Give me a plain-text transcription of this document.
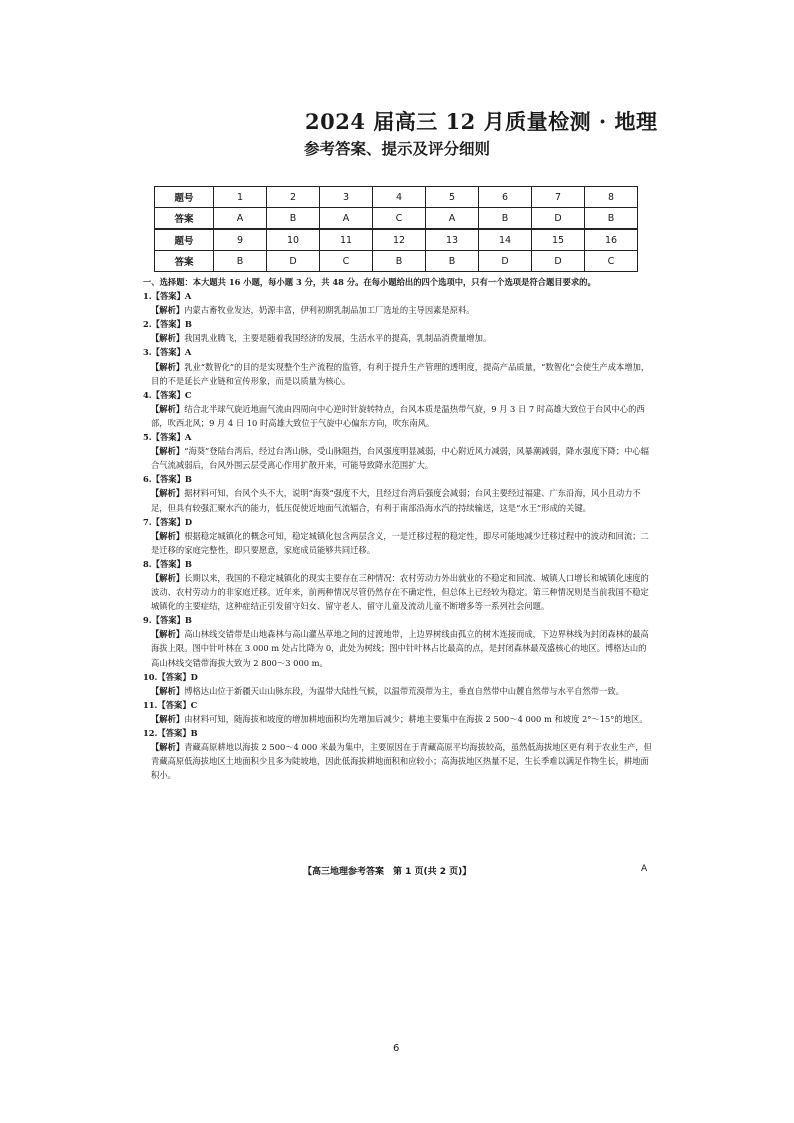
2024 届高三 12 月质量检测 · 地理
参考答案、提示及评分细则
题号	1	2	3	4	5	6	7	8
答案	A	B	A	C	A	B	D	B
题号	9	10	11	12	13	14	15	16
答案	B	D	C	B	B	D	D	C
一、选择题：本大题共 16 小题，每小题 3 分，共 48 分。在每小题给出的四个选项中，只有一个选项是符合题目要求的。
1.【答案】A
【解析】内蒙古畜牧业发达，奶源丰富，伊利初期乳制品加工厂选址的主导因素是原料。
2.【答案】B
【解析】我国乳业腾飞，主要是随着我国经济的发展，生活水平的提高，乳制品消费量增加。
3.【答案】A
【解析】乳业“数智化”的目的是实现整个生产流程的监管，有利于提升生产管理的透明度，提高产品质量，“数智化”会使生产成本增加，目的不是延长产业链和宣传形象，而是以质量为核心。
4.【答案】C
【解析】结合北半球气旋近地面气流由四周向中心逆时针旋转特点，台风本质是温热带气旋，9 月 3 日 7 时高雄大致位于台风中心的西部，吹西北风；9 月 4 日 10 时高雄大致位于气旋中心偏东方向，吹东南风。
5.【答案】A
【解析】“海葵”登陆台湾后，经过台湾山脉，受山脉阻挡，台风强度明显减弱，中心附近风力减弱，风暴潮减弱，降水强度下降；中心辐合气流减弱后，台风外围云层受离心作用扩散开来，可能导致降水范围扩大。
6.【答案】B
【解析】据材料可知，台风个头不大，说明“海葵”强度不大，且经过台湾后强度会减弱；台风主要经过福建、广东沿海，风小且动力不足，但具有较强汇聚水汽的能力，低压促使近地面气流辐合，有利于南部沿海水汽的持续输送，这是“水王”形成的关键。
7.【答案】D
【解析】根据稳定城镇化的概念可知，稳定城镇化包含两层含义，一是迁移过程的稳定性，即尽可能地减少迁移过程中的波动和回流；二是迁移的家庭完整性，即只要愿意，家庭成员能够共同迁移。
8.【答案】B
【解析】长期以来，我国的不稳定城镇化的现实主要存在三种情况：农村劳动力外出就业的不稳定和回流、城镇人口增长和城镇化速度的波动、农村劳动力的非家庭迁移。近年来，前两种情况尽管仍然存在不确定性，但总体上已经较为稳定。第三种情况则是当前我国不稳定城镇化的主要症结，这种症结正引发留守妇女、留守老人、留守儿童及流动儿童不断增多等一系列社会问题。
9.【答案】B
【解析】高山林线交错带是山地森林与高山灌丛草地之间的过渡地带，上边界树线由孤立的树木连接而成，下边界林线为封闭森林的最高海拔上限。图中针叶林在 3 000 m 处占比降为 0，此处为树线；图中针叶林占比最高的点，是封闭森林最茂盛核心的地区。博格达山的高山林线交错带海拔大致为 2 800～3 000 m。
10.【答案】D
【解析】博格达山位于新疆天山山脉东段，为温带大陆性气候，以温带荒漠带为主，垂直自然带中山麓自然带与水平自然带一致。
11.【答案】C
【解析】由材料可知，随海拔和坡度的增加耕地面积均先增加后减少；耕地主要集中在海拔 2 500～4 000 m 和坡度 2°～15°的地区。
12.【答案】B
【解析】青藏高原耕地以海拔 2 500～4 000 米最为集中，主要原因在于青藏高原平均海拔较高，虽然低海拔地区更有利于农业生产，但青藏高原低海拔地区土地面积少且多为陡坡地，因此低海拔耕地面积和应较小；高海拔地区热量不足，生长季难以满足作物生长，耕地面积小。
【高三地理参考答案　第 1 页(共 2 页)】	A
6
